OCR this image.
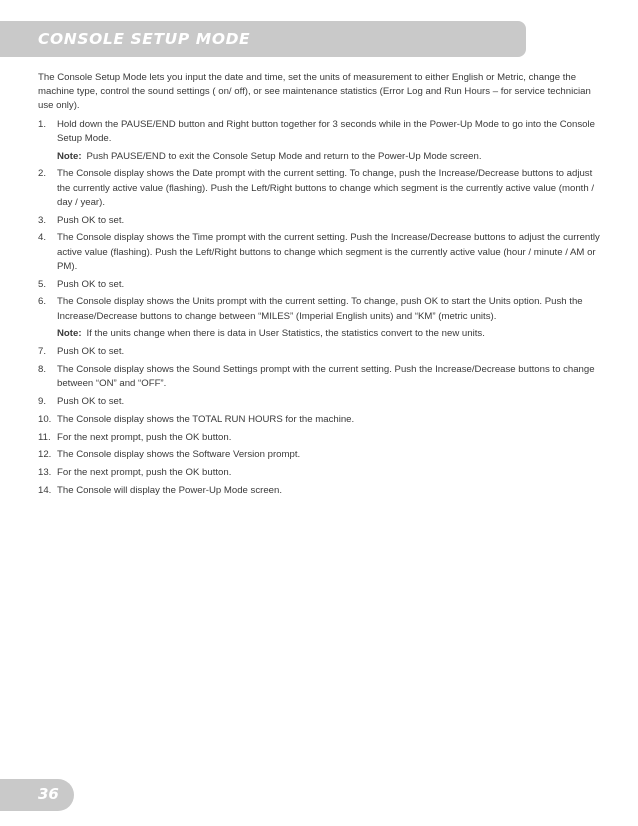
CONSOLE SETUP MODE

The Console Setup Mode lets you input the date and time, set the units of measurement to either English or Metric, change the machine type, control the sound settings ( on/ off), or see maintenance statistics (Error Log and Run Hours – for service technician use only).

1.	Hold down the PAUSE/END button and Right button together for 3 seconds while in the Power-Up Mode to go into the Console Setup Mode.
Note: Push PAUSE/END to exit the Console Setup Mode and return to the Power-Up Mode screen.
2.	The Console display shows the Date prompt with the current setting. To change, push the Increase/Decrease buttons to adjust the currently active value (flashing). Push the Left/Right buttons to change which segment is the currently active value (month / day / year).
3.	Push OK to set.
4.	The Console display shows the Time prompt with the current setting. Push the Increase/Decrease buttons to adjust the currently active value (flashing). Push the Left/Right buttons to change which segment is the currently active value (hour / minute / AM or PM).
5.	Push OK to set.
6.	The Console display shows the Units prompt with the current setting. To change, push OK to start the Units option. Push the Increase/Decrease buttons to change between “MILES” (Imperial English units) and “KM” (metric units).
Note: If the units change when there is data in User Statistics, the statistics convert to the new units.
7.	Push OK to set.
8.	The Console display shows the Sound Settings prompt with the current setting. Push the Increase/Decrease buttons to change between “ON” and “OFF”.
9.	Push OK to set.
10. The Console display shows the TOTAL RUN HOURS for the machine.
11. For the next prompt, push the OK button.
12. The Console display shows the Software Version prompt.
13. For the next prompt, push the OK button.
14. The Console will display the Power-Up Mode screen.
36
